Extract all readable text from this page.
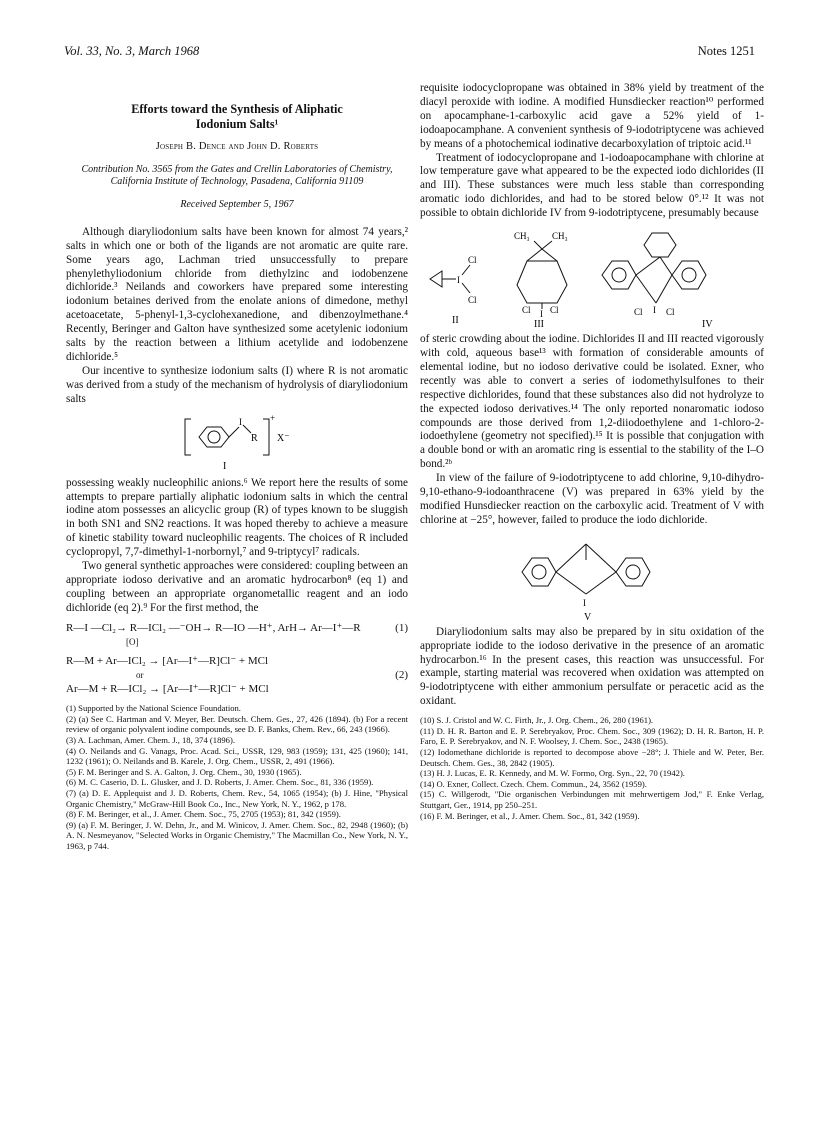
Vol. 33, No. 3, March 1968	Notes 1251
Efforts toward the Synthesis of Aliphatic Iodonium Salts¹
Joseph B. Dence and John D. Roberts
Contribution No. 3565 from the Gates and Crellin Laboratories of Chemistry, California Institute of Technology, Pasadena, California 91109
Received September 5, 1967

Although diaryliodonium salts have been known for almost 74 years,² salts in which one or both of the ligands are not aromatic are quite rare. Some years ago, Lachman tried unsuccessfully to prepare phenylethyliodonium chloride from diethylzinc and iodobenzene dichloride.³ Neilands and coworkers have prepared some interesting iodonium betaines derived from the enolate anions of dimedone, methyl acetoacetate, 5-phenyl-1,3-cyclohexanedione, and dibenzoylmethane.⁴ Recently, Beringer and Galton have synthesized some acetylenic iodonium salts by the reaction between a lithium acetylide and iodobenzene dichloride.⁵

Our incentive to synthesize iodonium salts (I) where R is not aromatic was derived from a study of the mechanism of hydrolysis of diaryliodonium salts

I
R
+
X⁻
I

possessing weakly nucleophilic anions.⁶ We report here the results of some attempts to prepare partially aliphatic iodonium salts in which the central iodine atom possesses an alicyclic group (R) of types known to be sluggish in both SN1 and SN2 reactions. It was hoped thereby to achieve a measure of kinetic stability toward nucleophilic reagents. The choices of R included cyclopropyl, 7,7-dimethyl-1-norbornyl,⁷ and 9-triptycyl⁷ radicals.

Two general synthetic approaches were considered: coupling between an appropriate iodoso derivative and an aromatic hydrocarbon⁸ (eq 1) and coupling between an appropriate organometallic reagent and an iodo dichloride (eq 2).⁹ For the first method, the

R—I —Cl₂→ R—ICl₂ —⁻OH→ R—IO —H⁺, ArH→ Ar—I⁺—R	(1)
[O]
R—M + Ar—ICl₂ → [Ar—I⁺—R]Cl⁻ + MCl
or
Ar—M + R—ICl₂ → [Ar—I⁺—R]Cl⁻ + MCl
(2)
(1) Supported by the National Science Foundation.
(2) (a) See C. Hartman and V. Meyer, Ber. Deutsch. Chem. Ges., 27, 426 (1894). (b) For a recent review of organic polyvalent iodine compounds, see D. F. Banks, Chem. Rev., 66, 243 (1966).
(3) A. Lachman, Amer. Chem. J., 18, 374 (1896).
(4) O. Neilands and G. Vanags, Proc. Acad. Sci., USSR, 129, 983 (1959); 131, 425 (1960); 141, 1232 (1961); O. Neilands and B. Karele, J. Org. Chem., USSR, 2, 491 (1966).
(5) F. M. Beringer and S. A. Galton, J. Org. Chem., 30, 1930 (1965).
(6) M. C. Caserio, D. L. Glusker, and J. D. Roberts, J. Amer. Chem. Soc., 81, 336 (1959).
(7) (a) D. E. Applequist and J. D. Roberts, Chem. Rev., 54, 1065 (1954); (b) J. Hine, "Physical Organic Chemistry," McGraw-Hill Book Co., Inc., New York, N. Y., 1962, p 178.
(8) F. M. Beringer, et al., J. Amer. Chem. Soc., 75, 2705 (1953); 81, 342 (1959).
(9) (a) F. M. Beringer, J. W. Dehn, Jr., and M. Winicov, J. Amer. Chem. Soc., 82, 2948 (1960); (b) A. N. Nesmeyanov, "Selected Works in Organic Chemistry," The Macmillan Co., New York, N. Y., 1963, p 744.

requisite iodocyclopropane was obtained in 38% yield by treatment of the diacyl peroxide with iodine. A modified Hunsdiecker reaction¹⁰ performed on apocamphane-1-carboxylic acid gave a 52% yield of 1-iodoapocamphane. A convenient synthesis of 9-iodotriptycene was achieved by means of a photochemical iodinative decarboxylation of triptoic acid.¹¹

Treatment of iodocyclopropane and 1-iodoapocamphane with chlorine at low temperature gave what appeared to be the expected iodo dichlorides (II and III). These substances were much less stable than corresponding aromatic iodo dichlorides, and had to be stored below 0°.¹² It was not possible to obtain dichloride IV from 9-iodotriptycene, presumably because

I
Cl
Cl
II
CH₃ CH₃
I
Cl Cl
III
I
Cl	Cl
IV

of steric crowding about the iodine. Dichlorides II and III reacted vigorously with cold, aqueous base¹³ with formation of considerable amounts of elemental iodine, but no iodoso derivative could be isolated. Exner, who recently was able to convert a series of iodomethylsulfones to their respective dichlorides, found that these substances also did not hydrolyze to the expected iodoso derivatives.¹⁴ The only reported nonaromatic iodoso compounds are those derived from 1,2-diiodoethylene and 1-chloro-2-iodoethylene (geometry not specified).¹⁵ It is possible that conjugation with a double bond or with an aromatic ring is essential to the stability of the I–O bond.²ᵇ

In view of the failure of 9-iodotriptycene to add chlorine, 9,10-dihydro-9,10-ethano-9-iodoanthracene (V) was prepared in 63% yield by the modified Hunsdiecker reaction on the carboxylic acid. Treatment of V with chlorine at −25°, however, failed to produce the iodo dichloride.

I
V

Diaryliodonium salts may also be prepared by in situ oxidation of the appropriate iodide to the iodoso derivative in the presence of an aromatic hydrocarbon.¹⁶ In the present cases, this reaction was unsuccessful. For example, starting material was recovered when oxidation was attempted on 9-iodotriptycene with either ammonium persulfate or peracetic acid as the oxidant.

(10) S. J. Cristol and W. C. Firth, Jr., J. Org. Chem., 26, 280 (1961).
(11) D. H. R. Barton and E. P. Serebryakov, Proc. Chem. Soc., 309 (1962); D. H. R. Barton, H. P. Faro, E. P. Serebryakov, and N. F. Woolsey, J. Chem. Soc., 2438 (1965).
(12) Iodomethane dichloride is reported to decompose above −28°; J. Thiele and W. Peter, Ber. Deutsch. Chem. Ges., 38, 2842 (1905).
(13) H. J. Lucas, E. R. Kennedy, and M. W. Formo, Org. Syn., 22, 70 (1942).
(14) O. Exner, Collect. Czech. Chem. Commun., 24, 3562 (1959).
(15) C. Willgerodt, "Die organischen Verbindungen mit mehrwertigem Jod," F. Enke Verlag, Stuttgart, Ger., 1914, pp 250–251.
(16) F. M. Beringer, et al., J. Amer. Chem. Soc., 81, 342 (1959).
